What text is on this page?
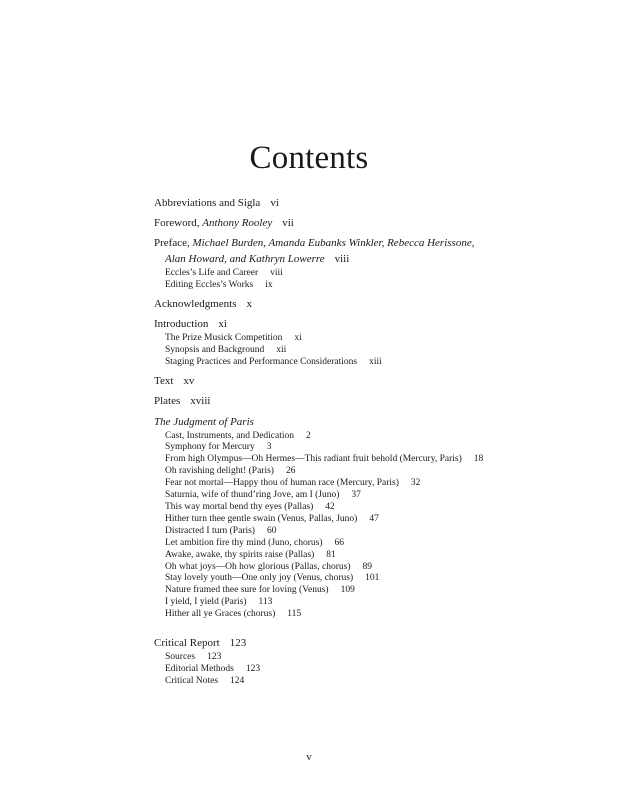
Contents
Abbreviations and Sigla vi
Foreword, Anthony Rooley vii
Preface, Michael Burden, Amanda Eubanks Winkler, Rebecca Herissone,
Alan Howard, and Kathryn Lowerre viii
Eccles’s Life and Career viii
Editing Eccles’s Works ix
Acknowledgments x
Introduction xi
The Prize Musick Competition xi
Synopsis and Background xii
Staging Practices and Performance Considerations xiii
Text xv
Plates xviii
The Judgment of Paris
Cast, Instruments, and Dedication 2
Symphony for Mercury 3
From high Olympus—Oh Hermes—This radiant fruit behold (Mercury, Paris) 18
Oh ravishing delight! (Paris) 26
Fear not mortal—Happy thou of human race (Mercury, Paris) 32
Saturnia, wife of thund’ring Jove, am I (Juno) 37
This way mortal bend thy eyes (Pallas) 42
Hither turn thee gentle swain (Venus, Pallas, Juno) 47
Distracted I turn (Paris) 60
Let ambition fire thy mind (Juno, chorus) 66
Awake, awake, thy spirits raise (Pallas) 81
Oh what joys—Oh how glorious (Pallas, chorus) 89
Stay lovely youth—One only joy (Venus, chorus) 101
Nature framed thee sure for loving (Venus) 109
I yield, I yield (Paris) 113
Hither all ye Graces (chorus) 115
Critical Report 123
Sources 123
Editorial Methods 123
Critical Notes 124
v
